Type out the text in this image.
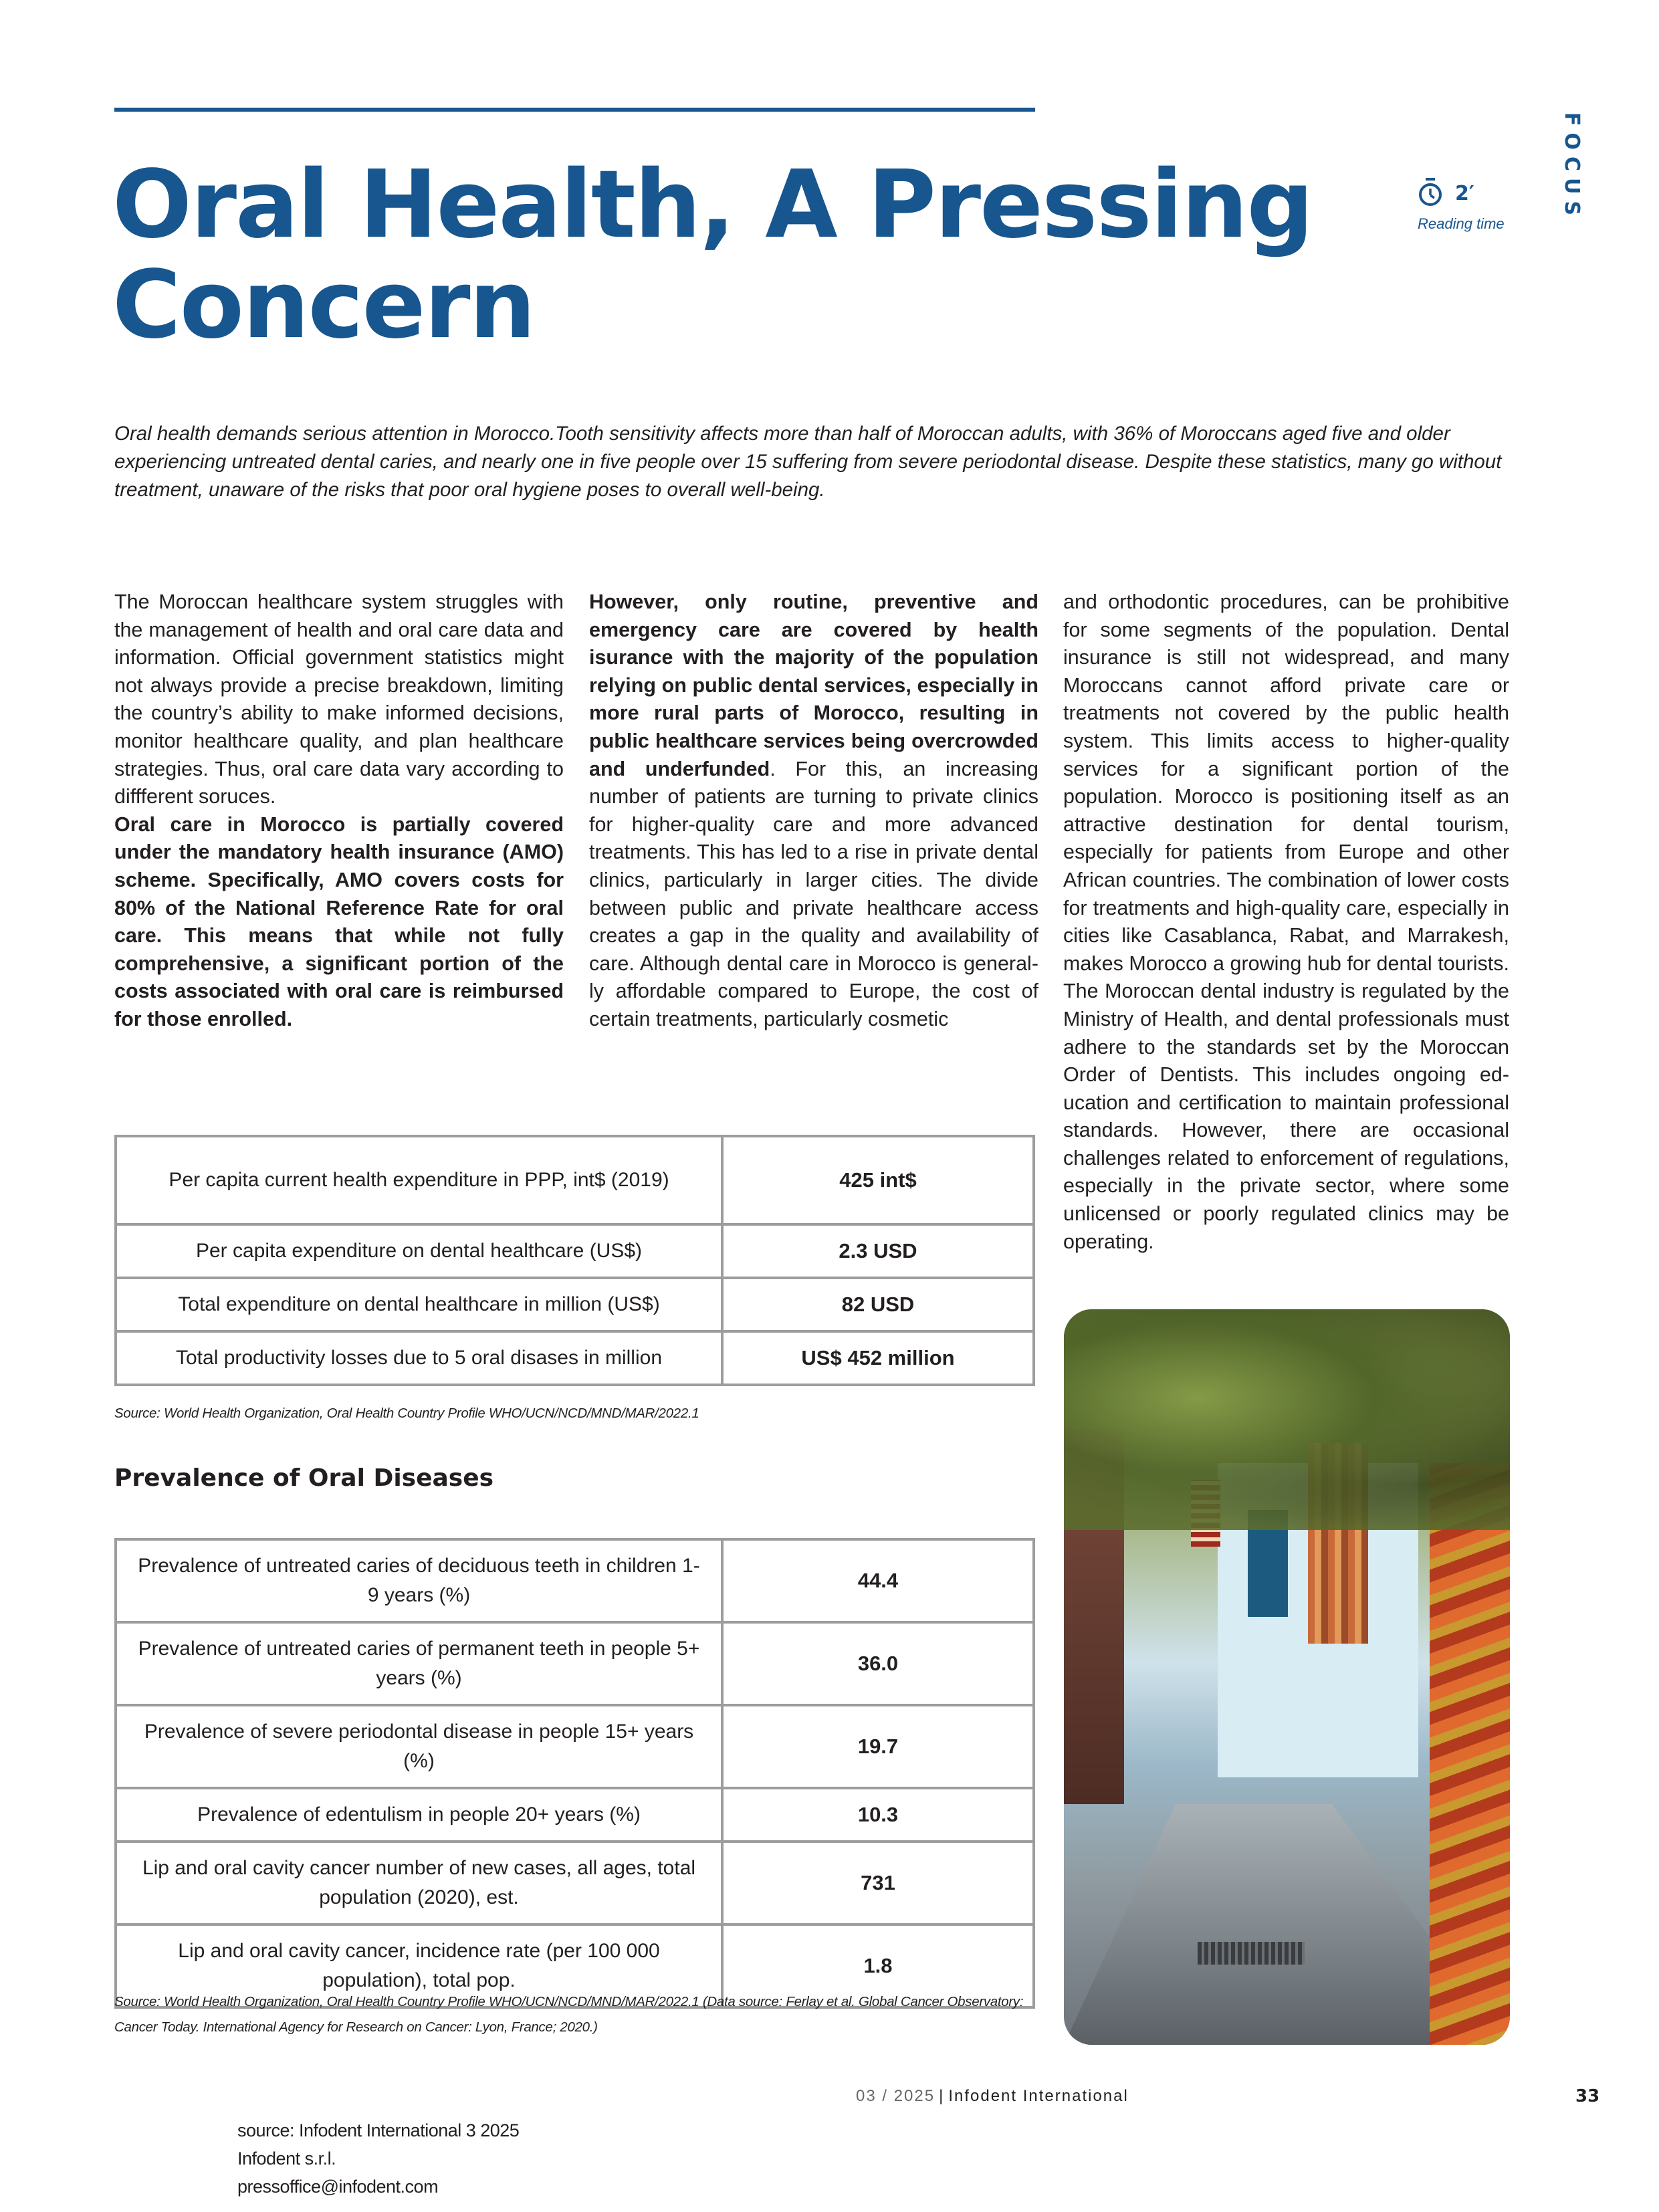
FOCUS
Oral Health, A Pressing
Concern
2′
Reading time

Oral health demands serious attention in Morocco.Tooth sensitivity affects more than half of Moroccan adults, with 36% of Moroccans aged five and older experiencing untreated dental caries, and nearly one in five people over 15 suffering from severe periodontal disease. Despite these statistics, many go without treatment, unaware of the risks that poor oral hygiene poses to overall well-being.

The Moroccan healthcare system struggles with the management of health and oral care data and information. Official government statistics might not always provide a precise breakdown, limiting the country’s ability to make informed decisions, monitor healthcare quality, and plan healthcare strategies. Thus, oral care data vary according to diffferent soruces.
Oral care in Morocco is partially covered under the mandatory health insurance (AMO) scheme. Specifically, AMO covers costs for 80% of the National Reference Rate for oral care. This means that while not fully comprehensive, a significant portion of the costs associated with oral care is reimbursed for those enrolled.
However, only routine, preventive and emergency care are covered by health isurance with the majority of the population relying on public dental services, especially in more rural parts of Morocco, resulting in public healthcare services being overcrowded and underfunded. For this, an increasing number of patients are turning to private clinics for higher-quality care and more advanced treatments. This has led to a rise in private dental clinics, particularly in larger cities. The divide between public and private healthcare access creates a gap in the quality and availability of care. Although dental care in Morocco is generally affordable compared to Europe, the cost of certain treatments, particularly cosmetic
and orthodontic procedures, can be prohibitive for some segments of the population. Dental insurance is still not widespread, and many Moroccans cannot afford private care or treatments not covered by the public health system. This limits access to higher-quality services for a significant portion of the population. Morocco is positioning itself as an attractive destination for dental tourism, especially for patients from Europe and other African countries. The combination of lower costs for treatments and high-quality care, especially in cities like Casablanca, Rabat, and Marrakesh, makes Morocco a growing hub for dental tourists. The Moroccan dental industry is regulated by the Ministry of Health, and dental professionals must adhere to the standards set by the Moroccan Order of Dentists. This includes ongoing education and certification to maintain professional standards. However, there are occasional challenges related to enforcement of regulations, especially in the private sector, where some unlicensed or poorly regulated clinics may be operating.
Per capita current health expenditure in PPP, int$ (2019)	425 int$
Per capita expenditure on dental healthcare (US$)	2.3 USD
Total expenditure on dental healthcare in million (US$)	82 USD
Total productivity losses due to 5 oral disases in million	US$ 452 million

Source: World Health Organization, Oral Health Country Profile WHO/UCN/NCD/MND/MAR/2022.1

Prevalence of Oral Diseases
Prevalence of untreated caries of deciduous teeth in children 1-9 years (%)	44.4
Prevalence of untreated caries of permanent teeth in people 5+ years (%)	36.0
Prevalence of severe periodontal disease in people 15+ years (%)	19.7
Prevalence of edentulism in people 20+ years (%)	10.3
Lip and oral cavity cancer number of new cases, all ages, total population (2020), est.	731
Lip and oral cavity cancer, incidence rate (per 100 000 population), total pop.	1.8

Source: World Health Organization, Oral Health Country Profile WHO/UCN/NCD/MND/MAR/2022.1 (Data source: Ferlay et al. Global Cancer Observatory: Cancer Today. International Agency for Research on Cancer: Lyon, France; 2020.)

03 / 2025 | Infodent International	33
source: Infodent International 3 2025
Infodent s.r.l.
pressoffice@infodent.com
